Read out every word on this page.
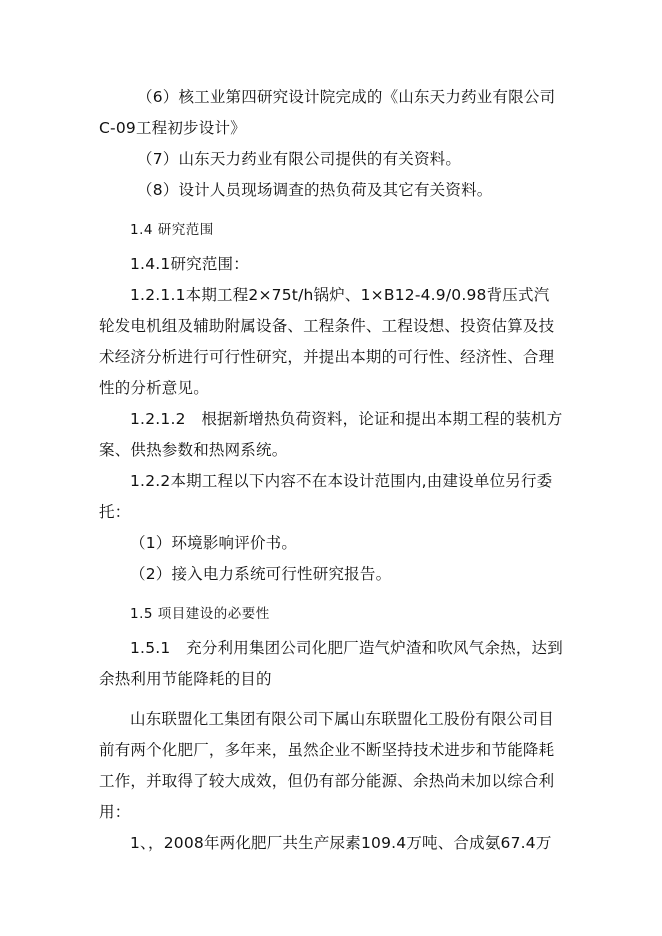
（6）核工业第四研究设计院完成的《山东天力药业有限公司
C-09工程初步设计》
（7）山东天力药业有限公司提供的有关资料。
（8）设计人员现场调查的热负荷及其它有关资料。
1.4 研究范围
1.4.1研究范围：
1.2.1.1本期工程2×75t/h锅炉、1×B12-4.9/0.98背压式汽
轮发电机组及辅助附属设备、工程条件、工程设想、投资估算及技
术经济分析进行可行性研究，并提出本期的可行性、经济性、合理
性的分析意见。
1.2.1.2　根据新增热负荷资料，论证和提出本期工程的装机方
案、供热参数和热网系统。
1.2.2本期工程以下内容不在本设计范围内,由建设单位另行委
托：
（1）环境影响评价书。
（2）接入电力系统可行性研究报告。
1.5 项目建设的必要性
1.5.1　充分利用集团公司化肥厂造气炉渣和吹风气余热，达到
余热利用节能降耗的目的
山东联盟化工集团有限公司下属山东联盟化工股份有限公司目
前有两个化肥厂，多年来，虽然企业不断坚持技术进步和节能降耗
工作，并取得了较大成效，但仍有部分能源、余热尚未加以综合利
用：
1、，2008年两化肥厂共生产尿素109.4万吨、合成氨67.4万
